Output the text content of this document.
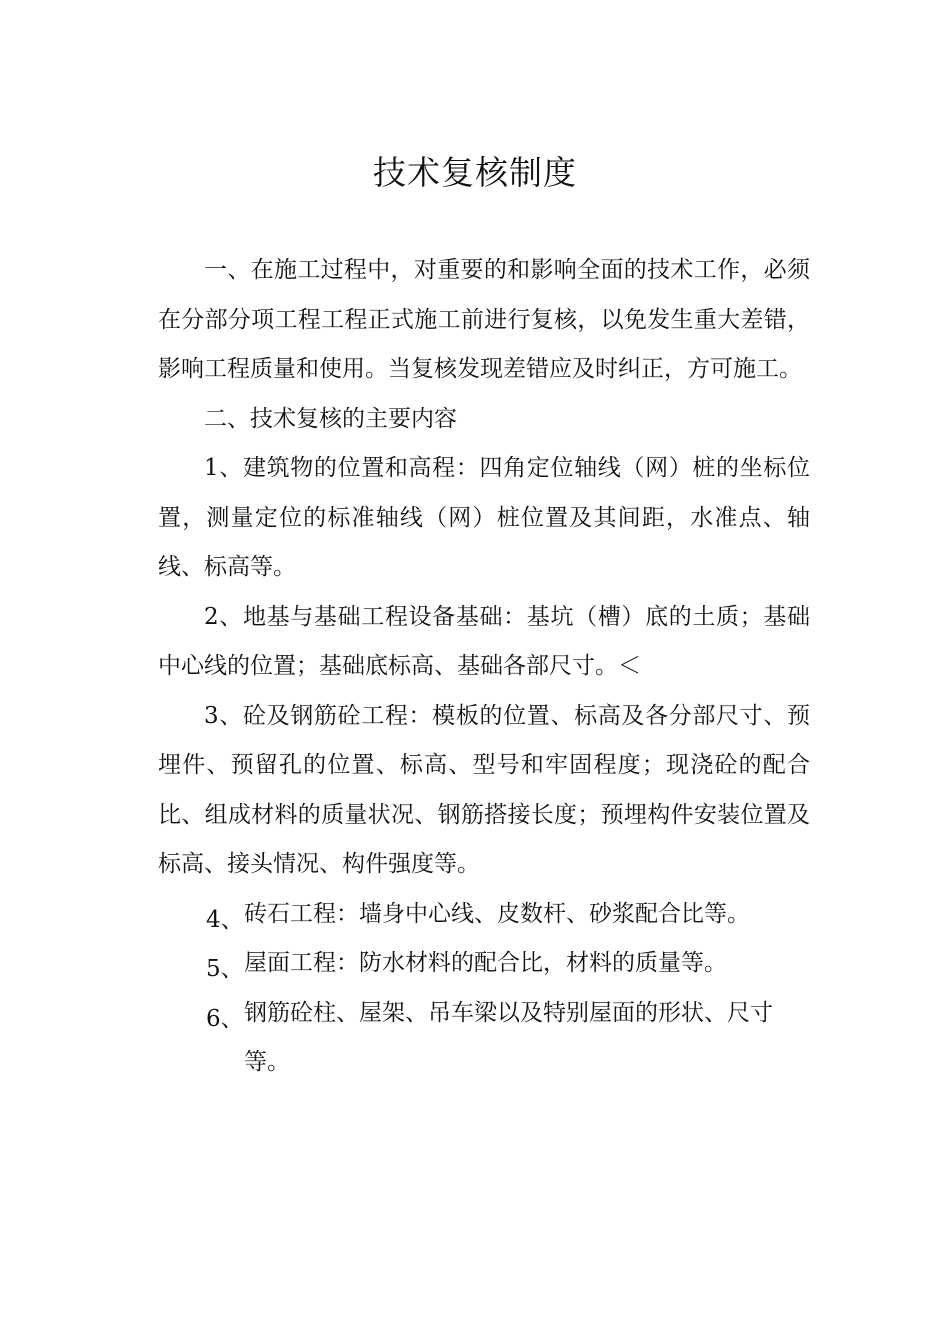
技术复核制度

一、在施工过程中，对重要的和影响全面的技术工作，必须在分部分项工程工程正式施工前进行复核，以免发生重大差错，影响工程质量和使用。当复核发现差错应及时纠正，方可施工。

二、技术复核的主要内容

1、建筑物的位置和高程：四角定位轴线（网）桩的坐标位置，测量定位的标准轴线（网）桩位置及其间距，水准点、轴线、标高等。

2、地基与基础工程设备基础：基坑（槽）底的土质；基础中心线的位置；基础底标高、基础各部尺寸。＜

3、砼及钢筋砼工程：模板的位置、标高及各分部尺寸、预埋件、预留孔的位置、标高、型号和牢固程度；现浇砼的配合比、组成材料的质量状况、钢筋搭接长度；预埋构件安装位置及标高、接头情况、构件强度等。

4、 砖石工程：墙身中心线、皮数杆、砂浆配合比等。
5、 屋面工程：防水材料的配合比，材料的质量等。
6、 钢筋砼柱、屋架、吊车梁以及特别屋面的形状、尺寸等。
